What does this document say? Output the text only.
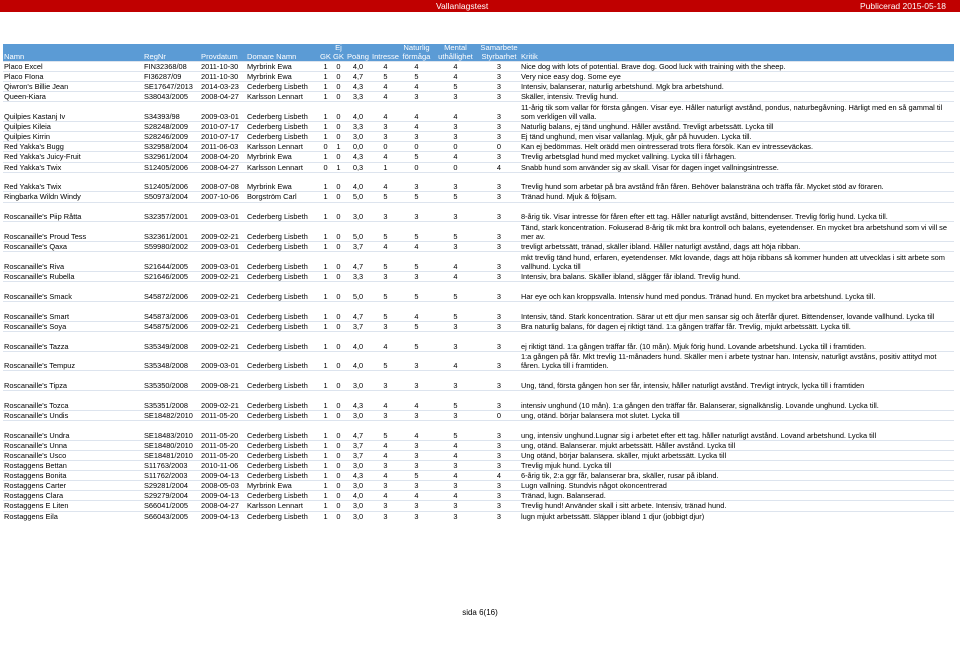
Vallanlagstest	Publicerad 2015-05-18
Namn	RegNr	Provdatum	Domare Namn	GK	Ej GK	Poäng	Intresse	Naturlig förmåga	Mental uthållighet	Samarbete Styrbarhet	Kritik
Placo Excel	FIN32368/08	2011-10-30	Myrbrink Ewa	1	0	4,0	4	4	4	3	Nice dog with lots of potential. Brave dog. Good luck with training with the sheep.
Placo FIona	FI36287/09	2011-10-30	Myrbrink Ewa	1	0	4,7	5	5	4	3	Very nice easy dog. Some eye
Qiwron's Billie Jean	SE17647/2013	2014-03-23	Cederberg Lisbeth	1	0	4,3	4	4	5	3	Intensiv, balanserar, naturlig arbetshund. Mgk bra arbetshund.
Queen-Kiara	S38043/2005	2008-04-27	Karlsson Lennart	1	0	3,3	4	3	3	3	Skäller, intensiv. Trevlig hund.
Quilpies Kastanj Iv	S34393/98	2009-03-01	Cederberg Lisbeth	1	0	4,0	4	4	4	3	11-årig tik som vallar för första gången. Visar eye. Håller naturligt avstånd, pondus, naturbegåvning. Härligt med en så gammal til som verkligen vill valla.
Quilpies Kileia	S28248/2009	2010-07-17	Cederberg Lisbeth	1	0	3,3	3	4	3	3	Naturlig balans, ej tänd unghund. Håller avstånd. Trevligt arbetssätt. Lycka till
Quilpies Kirrin	S28246/2009	2010-07-17	Cederberg Lisbeth	1	0	3,0	3	3	3	3	Ej tänd unghund, men visar vallanlag. Mjuk, går på huvuden. Lycka till.
Red Yakka's Bugg	S32958/2004	2011-06-03	Karlsson Lennart	0	1	0,0	0	0	0	0	Kan ej bedömmas. Helt orädd men ointresserad trots flera försök. Kan ev intresseväckas.
Red Yakka's Juicy-Fruit	S32961/2004	2008-04-20	Myrbrink Ewa	1	0	4,3	4	5	4	3	Trevlig arbetsglad hund med mycket vallning. Lycka till i fårhagen.
Red Yakka's Twix	S12405/2006	2008-04-27	Karlsson Lennart	0	1	0,3	1	0	0	4	Snabb hund som använder sig av skall. Visar för dagen inget vallningsintresse.
Red Yakka's Twix	S12405/2006	2008-07-08	Myrbrink Ewa	1	0	4,0	4	3	3	3	Trevlig hund som arbetar på bra avstånd från fåren. Behöver balansträna och träffa får. Mycket stöd av föraren.
Ringbarka Wildn Windy	S50973/2004	2007-10-06	Borgström Carl	1	0	5,0	5	5	5	3	Tränad hund. Mjuk & följsam.
Roscanaille's Piip Råtta	S32357/2001	2009-03-01	Cederberg Lisbeth	1	0	3,0	3	3	3	3	8-årig tik. Visar intresse för fåren efter ett tag. Håller naturligt avstånd, bittendenser. Trevlig förlig hund. Lycka till.
Roscanaille's Proud Tess	S32361/2001	2009-02-21	Cederberg Lisbeth	1	0	5,0	5	5	5	3	Tänd, stark koncentration. Fokuserad 8-årig tik mkt bra kontroll och balans, eyetendenser. En mycket bra arbetshund som vi vill se mer av.
Roscanaille's Qaxa	S59980/2002	2009-03-01	Cederberg Lisbeth	1	0	3,7	4	4	3	3	trevligt arbetssätt, tränad, skäller ibland. Håller naturligt avstånd, dags att höja ribban.
Roscanaille's Riva	S21644/2005	2009-03-01	Cederberg Lisbeth	1	0	4,7	5	5	4	3	mkt trevlig tänd hund, erfaren, eyetendenser. Mkt lovande, dags att höja ribbans så kommer hunden att utvecklas i sitt arbete som vallhund. Lycka till
Roscanaille's Rubella	S21646/2005	2009-02-21	Cederberg Lisbeth	1	0	3,3	3	3	4	3	Intensiv, bra balans. Skäller ibland, slågger får ibland. Trevlig hund.
Roscanaille's Smack	S45872/2006	2009-02-21	Cederberg Lisbeth	1	0	5,0	5	5	5	3	Har eye och kan kroppsvalla. Intensiv hund med pondus. Tränad hund. En mycket bra arbetshund. Lycka till.
Roscanaille's Smart	S45873/2006	2009-03-01	Cederberg Lisbeth	1	0	4,7	5	4	5	3	Intensiv, tänd. Stark koncentration. Särar ut ett djur men sansar sig och återfår djuret. Bittendenser, lovande vallhund. Lycka till
Roscanaille's Soya	S45875/2006	2009-02-21	Cederberg Lisbeth	1	0	3,7	3	5	3	3	Bra naturlig balans, för dagen ej riktigt tänd. 1:a gången träffar får. Trevlig, mjukt arbetssätt. Lycka till.
Roscanaille's Tazza	S35349/2008	2009-02-21	Cederberg Lisbeth	1	0	4,0	4	5	3	3	ej riktigt tänd. 1:a gången träffar får. (10 mån). Mjuk förig hund. Lovande arbetshund. Lycka till i framtiden.
Roscanaille's Tempuz	S35348/2008	2009-03-01	Cederberg Lisbeth	1	0	4,0	5	3	4	3	1:a gången på får. Mkt trevlig 11-månaders hund. Skäller men i arbete tystnar han. Intensiv, naturligt avståns, positiv attityd mot fåren. Lycka till i framtiden.
Roscanaille's Tipza	S35350/2008	2009-08-21	Cederberg Lisbeth	1	0	3,0	3	3	3	3	Ung, tänd, första gången hon ser får, intensiv, håller naturligt avstånd. Trevligt intryck, lycka till i framtiden
Roscanaille's Tozca	S35351/2008	2009-02-21	Cederberg Lisbeth	1	0	4,3	4	4	5	3	intensiv unghund (10 mån). 1:a gången den träffar får. Balanserar, signalkänslig. Lovande unghund. Lycka till.
Roscanaille's Undis	SE18482/2010	2011-05-20	Cederberg Lisbeth	1	0	3,0	3	3	3	0	ung, otänd. börjar balansera mot slutet. Lycka till
Roscanaille's Undra	SE18483/2010	2011-05-20	Cederberg Lisbeth	1	0	4,7	5	4	5	3	ung, intensiv unghund.Lugnar sig i arbetet efter ett tag. håller naturligt avstånd. Lovand arbetshund. Lycka till
Roscanaille's Unna	SE18480/2010	2011-05-20	Cederberg Lisbeth	1	0	3,7	4	3	4	3	ung, otänd. Balanserar. mjukt arbetssätt. Håller avstånd. Lycka till
Roscanaille's Usco	SE18481/2010	2011-05-20	Cederberg Lisbeth	1	0	3,7	4	3	4	3	Ung otänd, börjar balansera. skäller, mjukt arbetssätt. Lycka till
Rostaggens Bettan	S11763/2003	2010-11-06	Cederberg Lisbeth	1	0	3,0	3	3	3	3	Trevlig mjuk hund. Lycka till
Rostaggens Bonita	S11762/2003	2009-04-13	Cederberg Lisbeth	1	0	4,3	4	5	4	4	6-årig tik, 2:a ggr får, balanserar bra, skäller, rusar på ibland.
Rostaggens Carter	S29281/2004	2008-05-03	Myrbrink Ewa	1	0	3,0	3	3	3	3	Lugn vallning. Stundvis något okoncentrerad
Rostaggens Clara	S29279/2004	2009-04-13	Cederberg Lisbeth	1	0	4,0	4	4	4	3	Tränad, lugn. Balanserad.
Rostaggens E Liten	S66041/2005	2008-04-27	Karlsson Lennart	1	0	3,0	3	3	3	3	Trevlig hund! Använder skall i sitt arbete. Intensiv, tränad hund.
Rostaggens Eila	S66043/2005	2009-04-13	Cederberg Lisbeth	1	0	3,0	3	3	3	3	lugn mjukt arbetssätt. Släpper ibland 1 djur (jobbigt djur)
sida 6(16)
